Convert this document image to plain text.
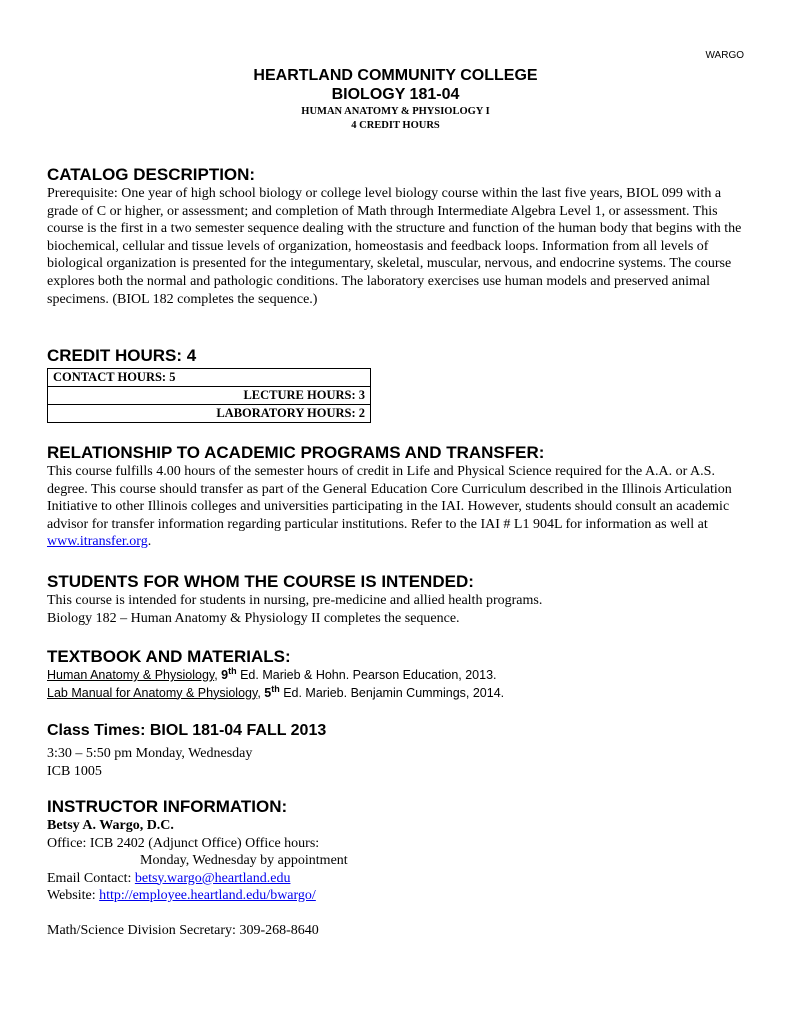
WARGO
HEARTLAND COMMUNITY COLLEGE
BIOLOGY 181-04
HUMAN ANATOMY & PHYSIOLOGY I
4 CREDIT HOURS
CATALOG DESCRIPTION:

Prerequisite: One year of high school biology or college level biology course within the last five years, BIOL 099 with a grade of C or higher, or assessment; and completion of Math through Intermediate Algebra Level 1, or assessment. This course is the first in a two semester sequence dealing with the structure and function of the human body that begins with the biochemical, cellular and tissue levels of organization, homeostasis and feedback loops. Information from all levels of biological organization is presented for the integumentary, skeletal, muscular, nervous, and endocrine systems. The course explores both the normal and pathologic conditions. The laboratory exercises use human models and preserved animal specimens. (BIOL 182 completes the sequence.)

CREDIT HOURS: 4
CONTACT HOURS: 5
LECTURE HOURS: 3
LABORATORY HOURS: 2
RELATIONSHIP TO ACADEMIC PROGRAMS AND TRANSFER:

This course fulfills 4.00 hours of the semester hours of credit in Life and Physical Science required for the A.A. or A.S. degree. This course should transfer as part of the General Education Core Curriculum described in the Illinois Articulation Initiative to other Illinois colleges and universities participating in the IAI. However, students should consult an academic advisor for transfer information regarding particular institutions. Refer to the IAI # L1 904L for information as well at www.itransfer.org.

STUDENTS FOR WHOM THE COURSE IS INTENDED:
This course is intended for students in nursing, pre-medicine and allied health programs.
Biology 182 – Human Anatomy & Physiology II completes the sequence.
TEXTBOOK AND MATERIALS:
Human Anatomy & Physiology, 9th Ed. Marieb & Hohn. Pearson Education, 2013.
Lab Manual for Anatomy & Physiology, 5th Ed. Marieb. Benjamin Cummings, 2014.
Class Times: BIOL 181-04 FALL 2013
3:30 – 5:50 pm Monday, Wednesday
ICB 1005
INSTRUCTOR INFORMATION:
Betsy A. Wargo, D.C.
Office: ICB 2402 (Adjunct Office) Office hours:
Monday, Wednesday by appointment
Email Contact: betsy.wargo@heartland.edu
Website: http://employee.heartland.edu/bwargo/
Math/Science Division Secretary: 309-268-8640
